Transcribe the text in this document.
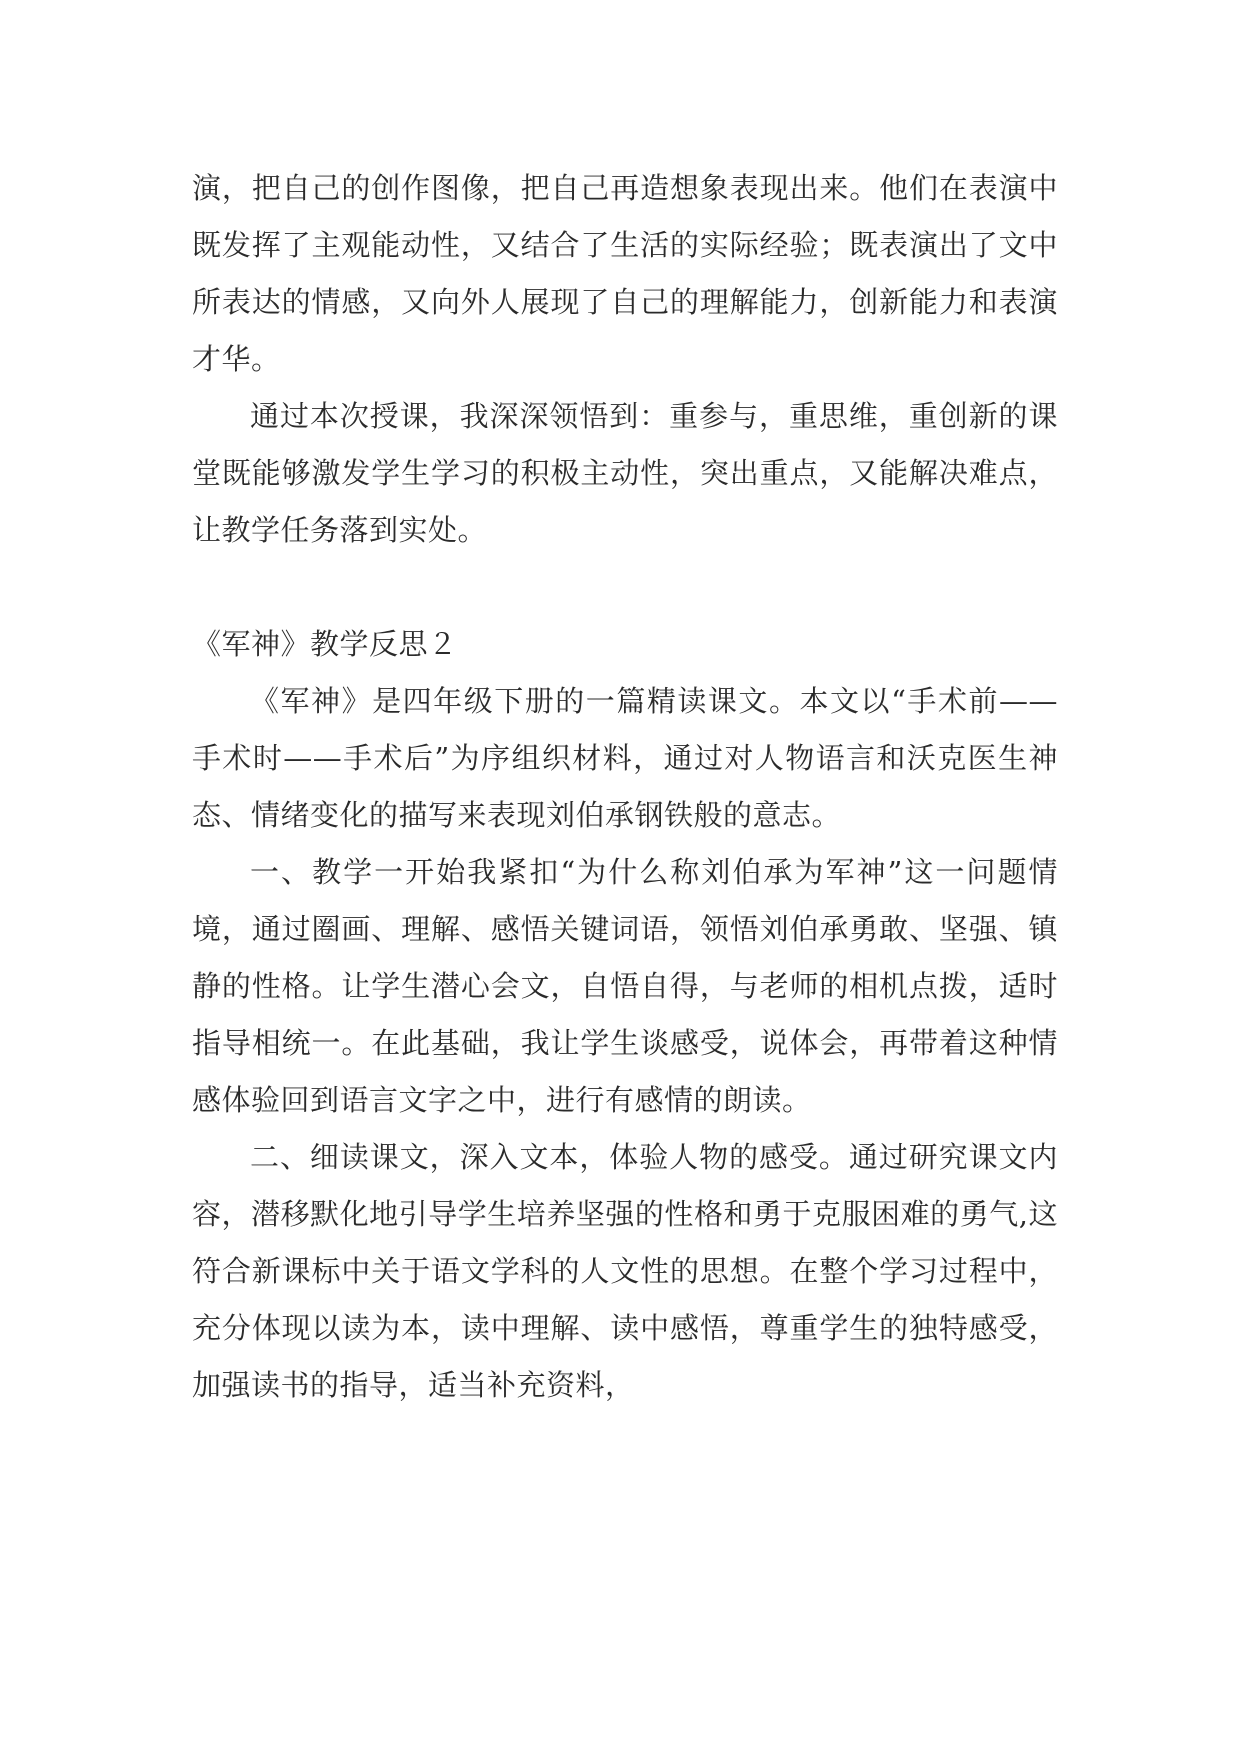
演，把自己的创作图像，把自己再造想象表现出来。他们在表演中既发挥了主观能动性，又结合了生活的实际经验；既表演出了文中所表达的情感，又向外人展现了自己的理解能力，创新能力和表演才华。

通过本次授课，我深深领悟到：重参与，重思维，重创新的课堂既能够激发学生学习的积极主动性，突出重点，又能解决难点，让教学任务落到实处。

《军神》教学反思２

《军神》是四年级下册的一篇精读课文。本文以“手术前——手术时——手术后”为序组织材料，通过对人物语言和沃克医生神态、情绪变化的描写来表现刘伯承钢铁般的意志。

一、教学一开始我紧扣“为什么称刘伯承为军神”这一问题情境，通过圈画、理解、感悟关键词语，领悟刘伯承勇敢、坚强、镇静的性格。让学生潜心会文，自悟自得，与老师的相机点拨，适时指导相统一。在此基础，我让学生谈感受，说体会，再带着这种情感体验回到语言文字之中，进行有感情的朗读。

二、细读课文，深入文本，体验人物的感受。通过研究课文内容，潜移默化地引导学生培养坚强的性格和勇于克服困难的勇气,这符合新课标中关于语文学科的人文性的思想。在整个学习过程中，充分体现以读为本，读中理解、读中感悟，尊重学生的独特感受，加强读书的指导，适当补充资料，
